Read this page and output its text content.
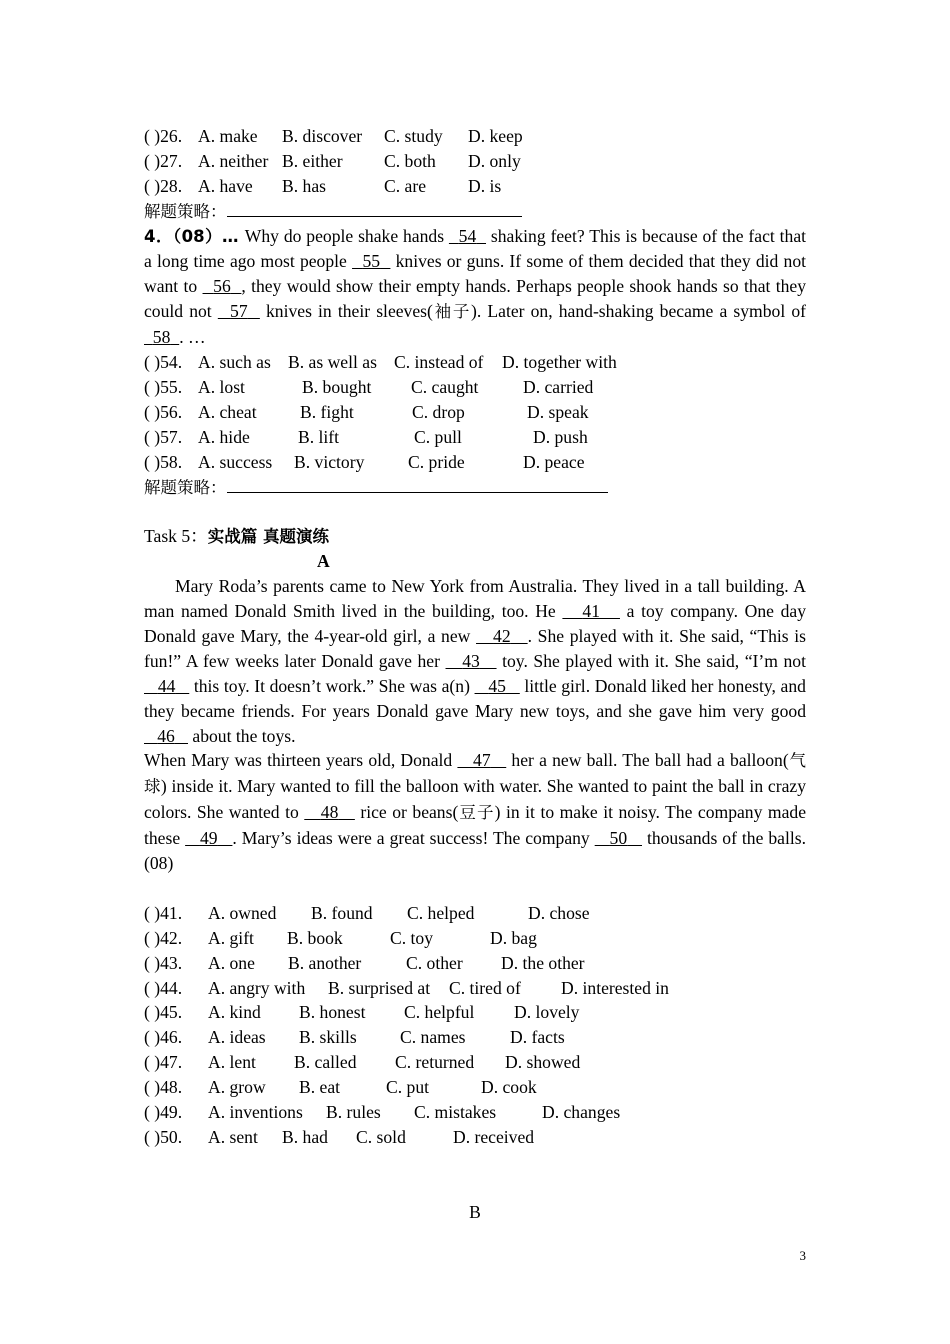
( )26. A. make	B. discover	C. study	D. keep
( )27. A. neither B. either	C. both	D. only
( )28. A. have	B. has	C. are	D. is
解题策略：
4．（08）… Why do people shake hands   54   shaking feet? This is because of the fact that a long time ago most people   55   knives or guns. If some of them decided that they did not want to   56 , they would show their empty hands. Perhaps people shook hands so that they could not   57   knives in their sleeves(袖子). Later on, hand-shaking became a symbol of   58 . …
( )54. A. such as B. as well as C. instead of	D. together with
( )55. A. lost	B. bought	C. caught	D. carried
( )56. A. cheat	B. fight	C. drop	D. speak
( )57. A. hide	B. lift	C. pull	D. push
( )58. A. success	B. victory	C. pride	D. peace
解题策略：
Task 5：实战篇 真题演练
A
Mary Roda’s parents came to New York from Australia. They lived in a tall building. A man named Donald Smith lived in the building, too. He    41    a toy company. One day Donald gave Mary, the 4-year-old girl, a new    42 . She played with it. She said, “This is fun!” A few weeks later Donald gave her    43    toy. She played with it. She said, “I’m not    44    this toy. It doesn’t work.” She was a(n)    45    little girl. Donald liked her honesty, and they became friends. For years Donald gave Mary new toys, and she gave him very good    46    about the toys.
When Mary was thirteen years old, Donald    47    her a new ball. The ball had a balloon(气球) inside it. Mary wanted to fill the balloon with water. She wanted to paint the ball in crazy colors. She wanted to    48    rice or beans(豆子) in it to make it noisy. The company made these    49 . Mary’s ideas were a great success! The company    50    thousands of the balls. (08)
( )41.	A. owned	B. found	C. helped	D. chose
( )42.	A. gift	B. book	C. toy	D. bag
( )43.	A. one	B. another	C. other	D. the other
( )44.	A. angry with	B. surprised at	C. tired of	D. interested in
( )45.	A. kind	B. honest	C. helpful	D. lovely
( )46.	A. ideas	B. skills	C. names	D. facts
( )47.	A. lent	B. called	C. returned	D. showed
( )48.	A. grow	B. eat	C. put	D. cook
( )49.	A. inventions	B. rules	C. mistakes	D. changes
( )50.	A. sent	B. had	C. sold	D. received
B
3
